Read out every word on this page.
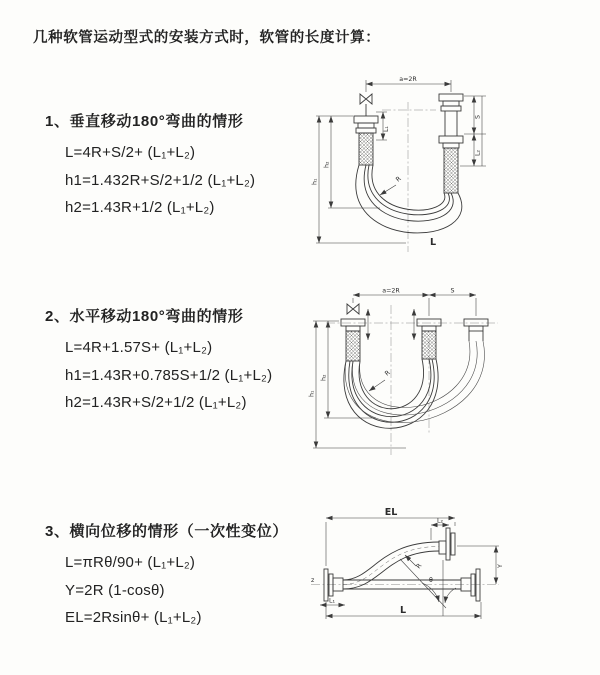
几种软管运动型式的安装方式时，软管的长度计算：
1、垂直移动180°弯曲的情形
L=4R+S/2+ (L₁+L₂)
h1=1.432R+S/2+1/2 (L₁+L₂)
h2=1.43R+1/2 (L₁+L₂)
a=2R
S
L₂
h₁
h₂
L₁
R
L
2、水平移动180°弯曲的情形
L=4R+1.57S+ (L₁+L₂)
h1=1.43R+0.785S+1/2 (L₁+L₂)
h2=1.43R+S/2+1/2 (L₁+L₂)
a=2R	S
h₁
h₂
R
3、横向位移的情形（一次性变位）
L=πRθ/90+ (L₁+L₂)
Y=2R (1-cosθ)
EL=2Rsinθ+ (L₁+L₂)
EL
L₂
Y
L₁
L
R
θ
z
